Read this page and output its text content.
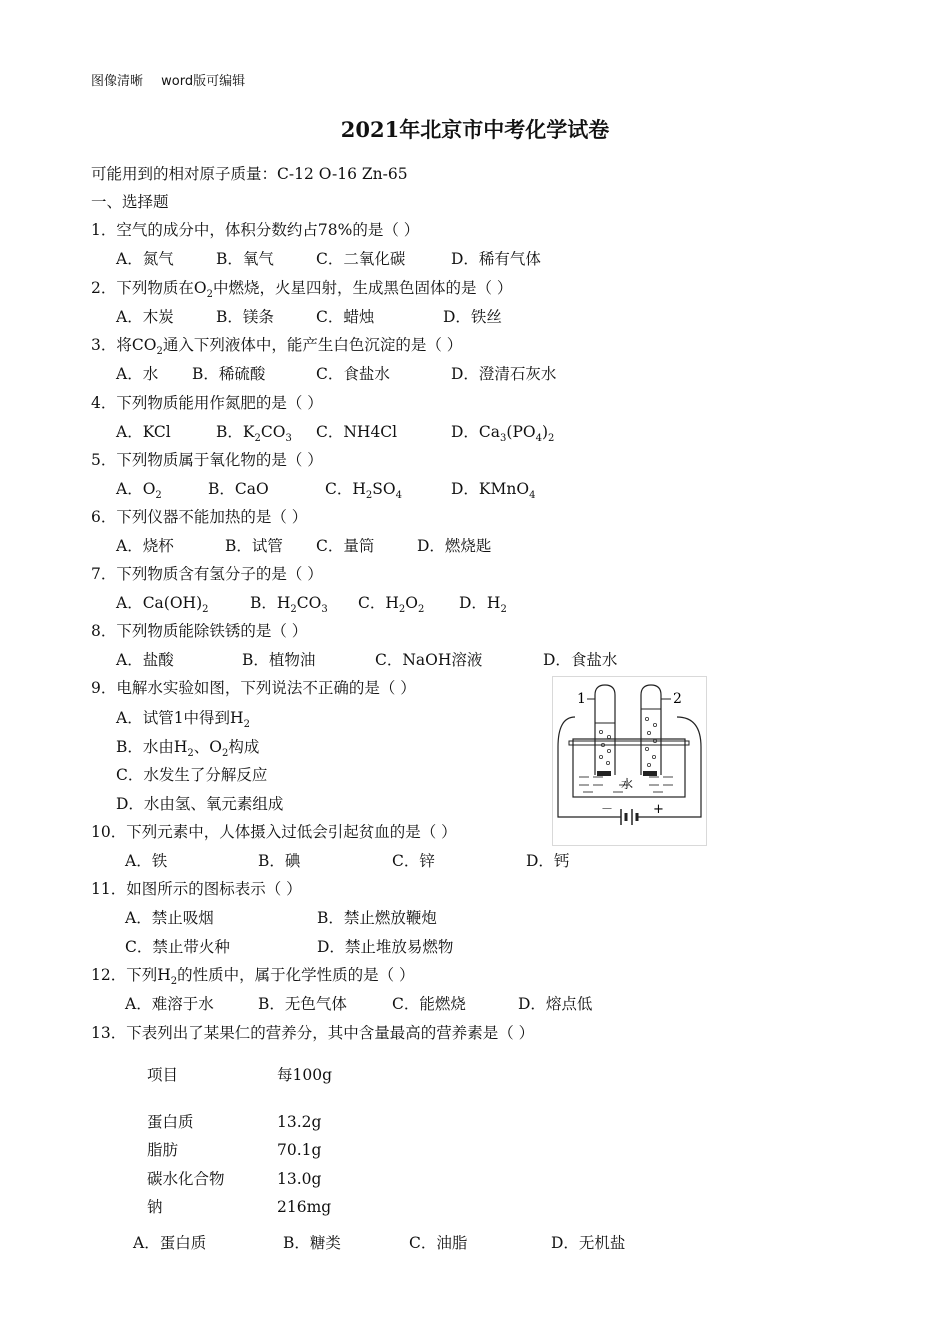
图像清晰 word版可编辑
2021年北京市中考化学试卷
可能用到的相对原子质量：C-12 O-16 Zn-65
一、选择题
1．空气的成分中，体积分数约占78%的是（ ）
A．氮气	B．氧气	C．二氧化碳	D．稀有气体
2．下列物质在$O_2$中燃烧，火星四射，生成黑色固体的是（ ）
A．木炭	B．镁条	C．蜡烛	D．铁丝
3．将$CO_2$通入下列液体中，能产生白色沉淀的是（ ）
A．水 B．稀硫酸	C．食盐水	D．澄清石灰水
4．下列物质能用作氮肥的是（ ）
A．KCl	B．$K_2CO_3$ C．NH4Cl	D．$Ca_3(PO_4)_2$
5．下列物质属于氧化物的是（ ）
A．$O_2$	B．CaO	C．$H_2SO_4$	D．KMnO$_4$
6．下列仪器不能加热的是（ ）
A．烧杯	B．试管 C．量筒	D．燃烧匙
7．下列物质含有氢分子的是（ ）
A．$Ca(OH)_2$	B．$H_2CO_3$ C．$H_2O_2$ D．$H_2$
8．下列物质能除铁锈的是（ ）
A．盐酸	B．植物油	C．NaOH溶液	D．食盐水
9．电解水实验如图，下列说法不正确的是（ ）
A．试管1中得到$H_2$
B．水由$H_2$、$O_2$构成
C．水发生了分解反应
D．水由氢、氧元素组成
1	2
水
－	+
10．下列元素中，人体摄入过低会引起贫血的是（ ）
A．铁	B．碘	C．锌	D．钙
11．如图所示的图标表示（ ）
A．禁止吸烟	B．禁止燃放鞭炮
C．禁止带火种	D．禁止堆放易燃物
12．下列$H_2$的性质中，属于化学性质的是（ ）
A．难溶于水	B．无色气体	C．能燃烧	D．熔点低
13．下表列出了某果仁的营养分，其中含量最高的营养素是（ ）
项目	每100g
蛋白质	13.2g
脂肪	70.1g
碳水化合物	13.0g
钠	216mg
A．蛋白质	B．糖类	C．油脂	D．无机盐
